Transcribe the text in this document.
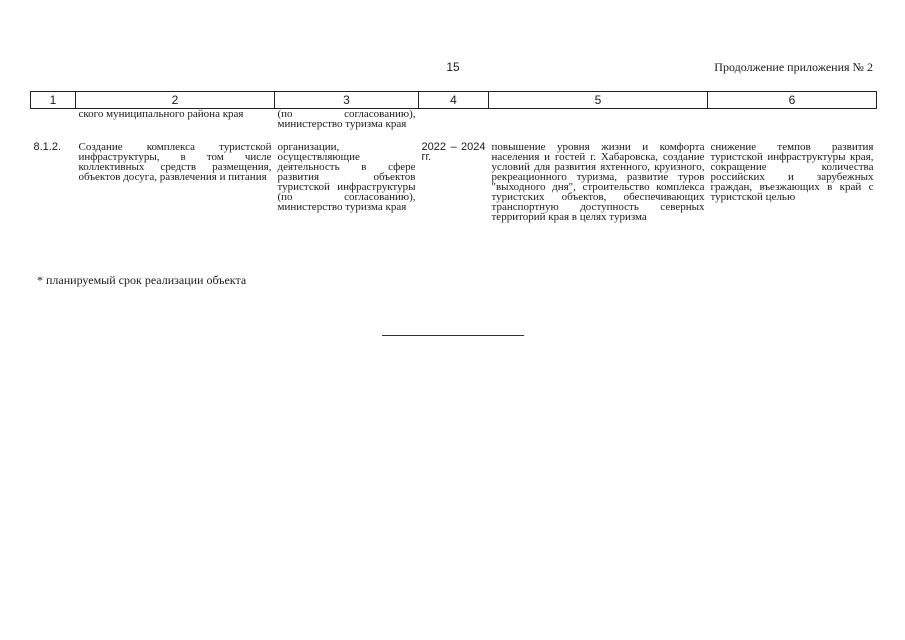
15	Продолжение приложения № 2
1	2	3	4	5	6
	ского муниципального района края	(по согласованию), министерство туризма края			
8.1.2.	Создание комплекса туристской инфраструктуры, в том числе коллективных средств размещения, объектов досуга, развлечения и питания	организации, осуществляющие деятельность в сфере развития объектов туристской инфраструктуры (по согласованию), министерство туризма края	2022 – 2024 гг.	повышение уровня жизни и комфорта населения и гостей г. Хабаровска, создание условий для развития яхтенного, круизного, рекреационного туризма, развитие туров "выходного дня", строительство комплекса туристских объектов, обеспечивающих транспортную доступность северных территорий края в целях туризма	снижение темпов развития туристской инфраструктуры края, сокращение количества российских и зарубежных граждан, въезжающих в край с туристской целью
* планируемый срок реализации объекта
